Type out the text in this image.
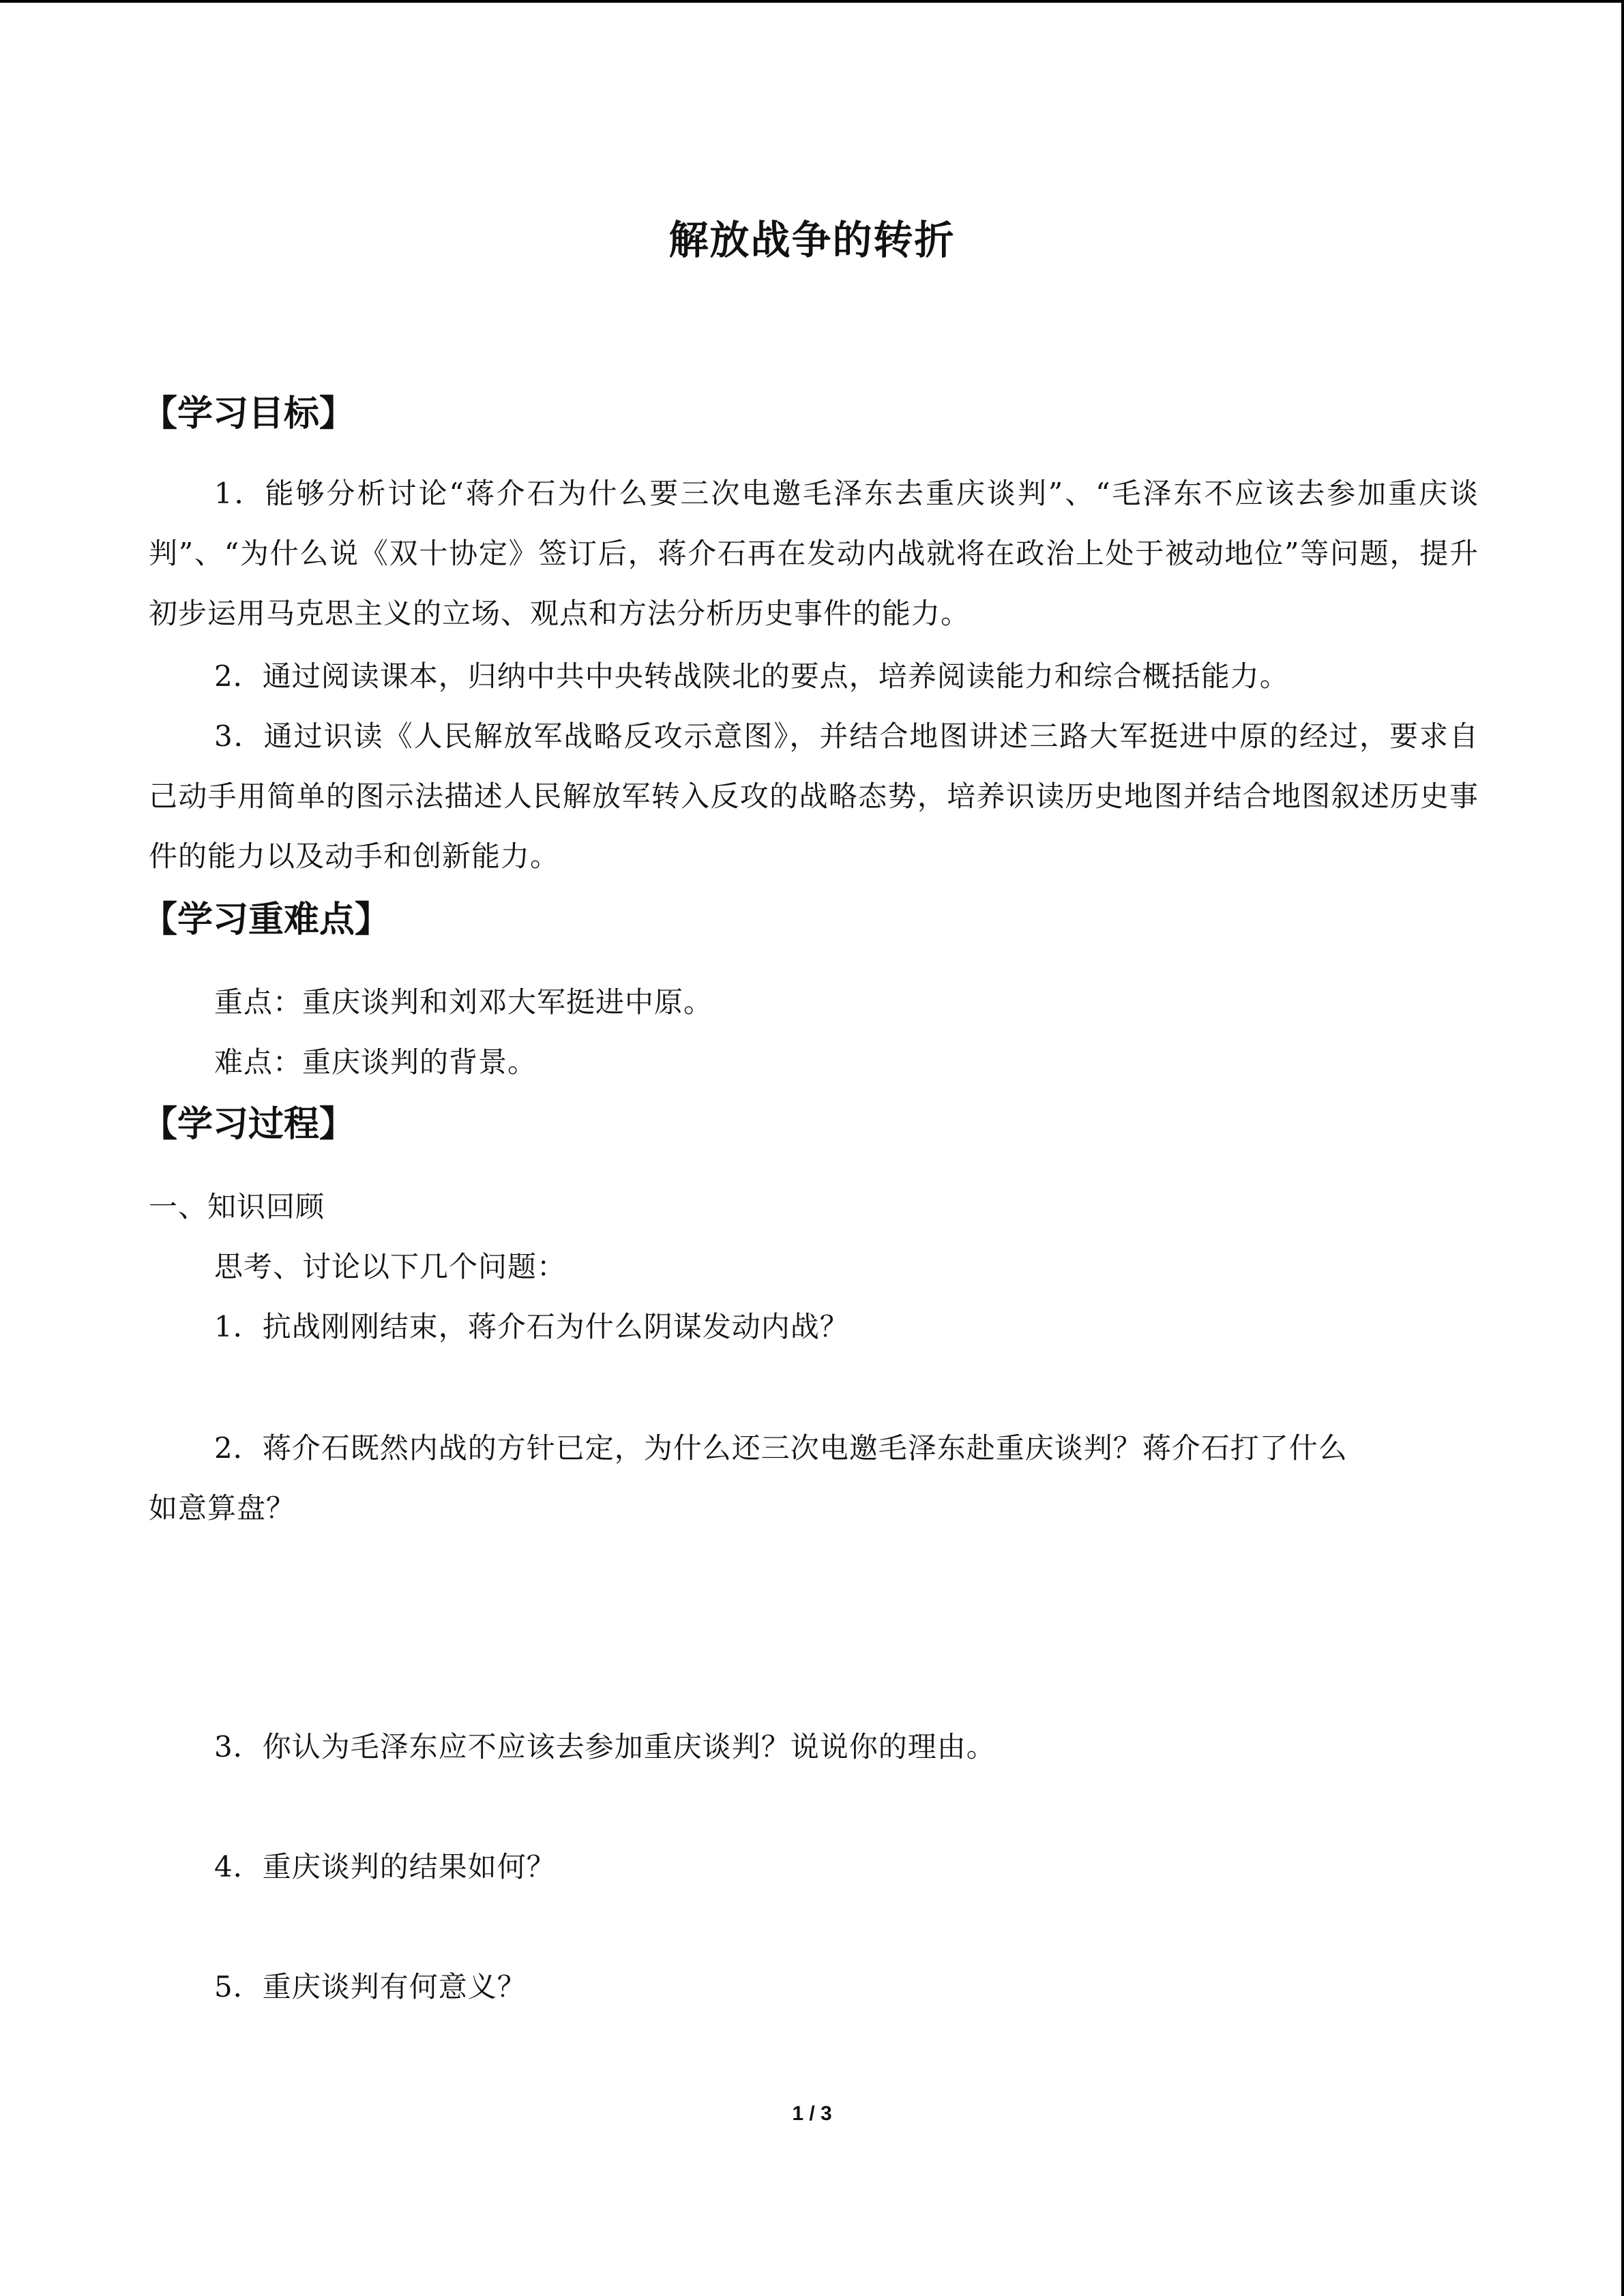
解放战争的转折
【学习目标】
1．能够分析讨论“蒋介石为什么要三次电邀毛泽东去重庆谈判”、“毛泽东不应该去参加重庆谈判”、“为什么说《双十协定》签订后，蒋介石再在发动内战就将在政治上处于被动地位”等问题，提升初步运用马克思主义的立场、观点和方法分析历史事件的能力。
2．通过阅读课本，归纳中共中央转战陕北的要点，培养阅读能力和综合概括能力。
3．通过识读《人民解放军战略反攻示意图》，并结合地图讲述三路大军挺进中原的经过，要求自己动手用简单的图示法描述人民解放军转入反攻的战略态势，培养识读历史地图并结合地图叙述历史事件的能力以及动手和创新能力。
【学习重难点】
重点：重庆谈判和刘邓大军挺进中原。
难点：重庆谈判的背景。
【学习过程】
一、知识回顾
思考、讨论以下几个问题：
1．抗战刚刚结束，蒋介石为什么阴谋发动内战？
2．蒋介石既然内战的方针已定，为什么还三次电邀毛泽东赴重庆谈判？蒋介石打了什么
如意算盘？
3．你认为毛泽东应不应该去参加重庆谈判？说说你的理由。
4．重庆谈判的结果如何？
5．重庆谈判有何意义？
1 / 3
